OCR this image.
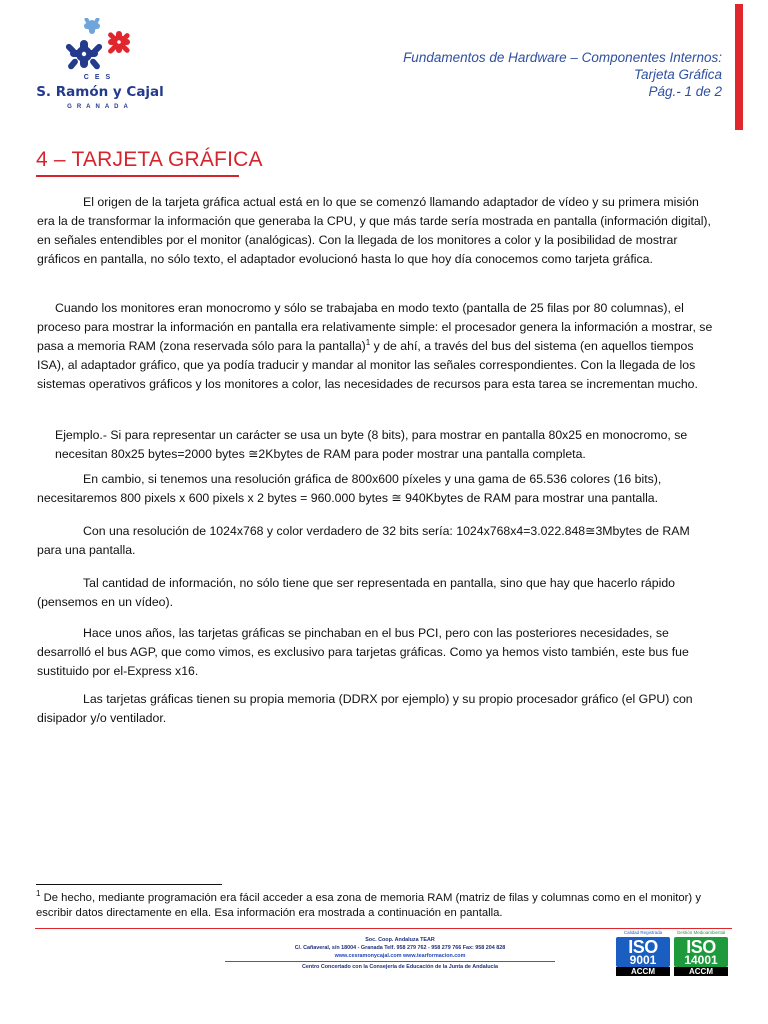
CES
S. Ramón y Cajal
GRANADA
Fundamentos de Hardware – Componentes Internos:
Tarjeta Gráfica
Pág.- 1 de 2
4 – TARJETA GRÁFICA

El origen de la tarjeta gráfica actual está en lo que se comenzó llamando adaptador de vídeo y su primera misión era la de transformar la información que generaba la CPU, y que más tarde sería mostrada en pantalla (información digital), en señales entendibles por el monitor (analógicas). Con la llegada de los monitores a color y la posibilidad de mostrar gráficos en pantalla, no sólo texto, el adaptador evolucionó hasta lo que hoy día conocemos como tarjeta gráfica.

Cuando los monitores eran monocromo y sólo se trabajaba en modo texto (pantalla de 25 filas por 80 columnas), el proceso para mostrar la información en pantalla era relativamente simple: el procesador genera la información a mostrar, se pasa a memoria RAM (zona reservada sólo para la pantalla)$^1$ y de ahí, a través del bus del sistema (en aquellos tiempos ISA), al adaptador gráfico, que ya podía traducir y mandar al monitor las señales correspondientes. Con la llegada de los sistemas operativos gráficos y los monitores a color, las necesidades de recursos para esta tarea se incrementan mucho.

Ejemplo.- Si para representar un carácter se usa un byte (8 bits), para mostrar en pantalla 80x25 en monocromo, se
necesitan 80x25 bytes=2000 bytes ≅2Kbytes de RAM para poder mostrar una pantalla completa.

En cambio, si tenemos una resolución gráfica de 800x600 píxeles y una gama de 65.536 colores (16 bits), necesitaremos 800 pixels x 600 pixels x 2 bytes = 960.000 bytes ≅ 940Kbytes de RAM para mostrar una pantalla.

Con una resolución de 1024x768 y color verdadero de 32 bits sería: 1024x768x4=3.022.848≅3Mbytes de RAM para una pantalla.

Tal cantidad de información, no sólo tiene que ser representada en pantalla, sino que hay que hacerlo rápido (pensemos en un vídeo).

Hace unos años, las tarjetas gráficas se pinchaban en el bus PCI, pero con las posteriores necesidades, se desarrolló el bus AGP, que como vimos, es exclusivo para tarjetas gráficas. Como ya hemos visto también, este bus fue sustituido por el-Express x16.

Las tarjetas gráficas tienen su propia memoria (DDRX por ejemplo) y su propio procesador gráfico (el GPU) con disipador y/o ventilador.

$^1$ De hecho, mediante programación era fácil acceder a esa zona de memoria RAM (matriz de filas y columnas como en el monitor) y escribir datos directamente en ella. Esa información era mostrada a continuación en pantalla.

Soc. Coop. Andaluza TEAR
C/. Cañaveral, s/n 18004 - Granada Telf. 958 279 762 - 958 279 766 Fax: 958 204 828
www.cesramonycajal.com www.tearformacion.com
Centro Concertado con la Consejería de Educación de la Junta de Andalucía
Calidad Registrada
ISO
9001
ACCM
Gestión Medioambiental
ISO
14001
ACCM
